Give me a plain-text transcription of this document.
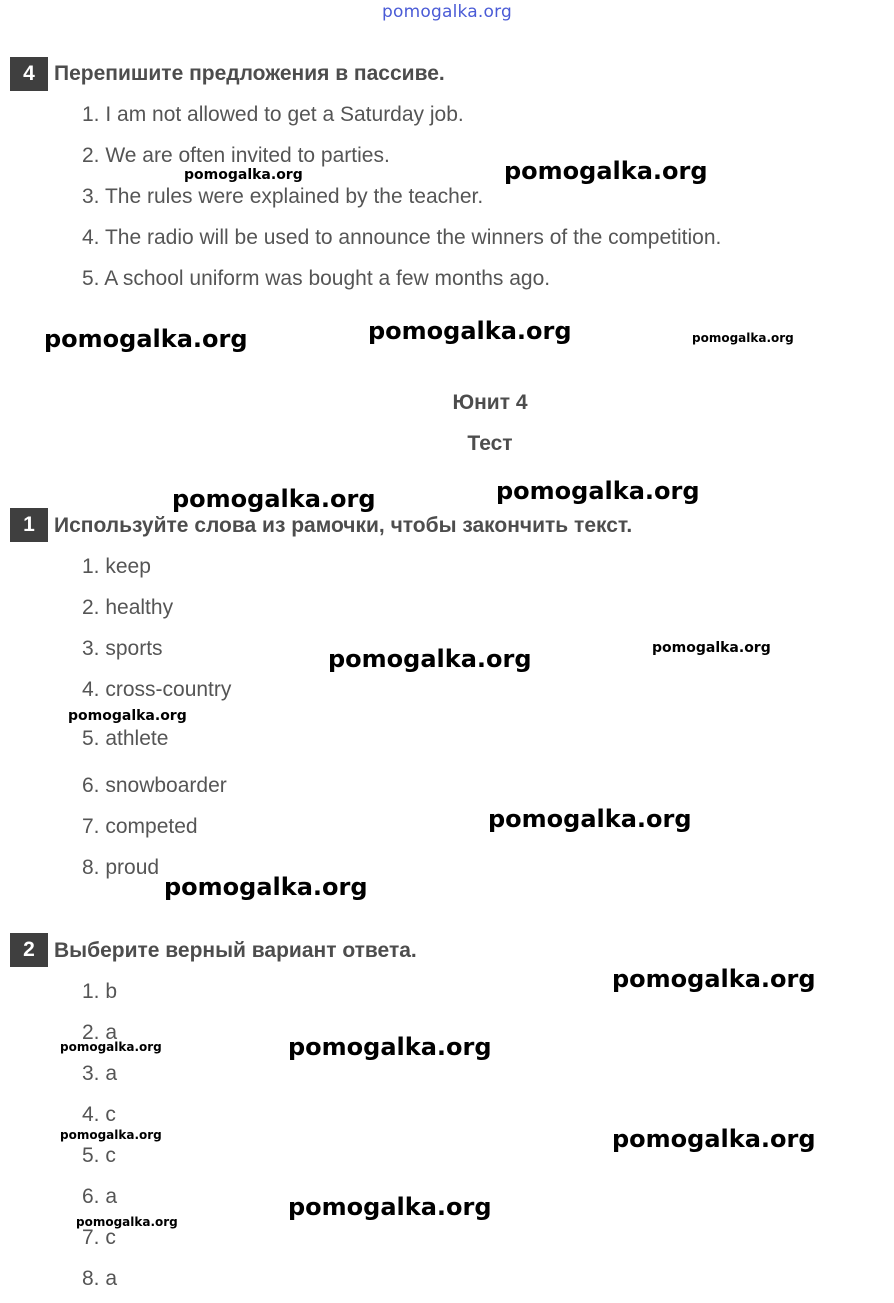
pomogalka.org
4 Перепишите предложения в пассиве.
1. I am not allowed to get a Saturday job.
2. We are often invited to parties.
3. The rules were explained by the teacher.
4. The radio will be used to announce the winners of the competition.
5. A school uniform was bought a few months ago.
Юнит 4
Тест
1 Используйте слова из рамочки, чтобы закончить текст.
1. keep
2. healthy
3. sports
4. cross-country
5. athlete
6. snowboarder
7. competed
8. proud
2 Выберите верный вариант ответа.
1. b
2. a
3. a
4. c
5. c
6. a
7. c
8. a
pomogalka.org	pomogalka.org
pomogalka.org	pomogalka.org	pomogalka.org
pomogalka.org	pomogalka.org
pomogalka.org	pomogalka.org
pomogalka.org
pomogalka.org
pomogalka.org
pomogalka.org
pomogalka.org	pomogalka.org
pomogalka.org	pomogalka.org
pomogalka.org
pomogalka.org
